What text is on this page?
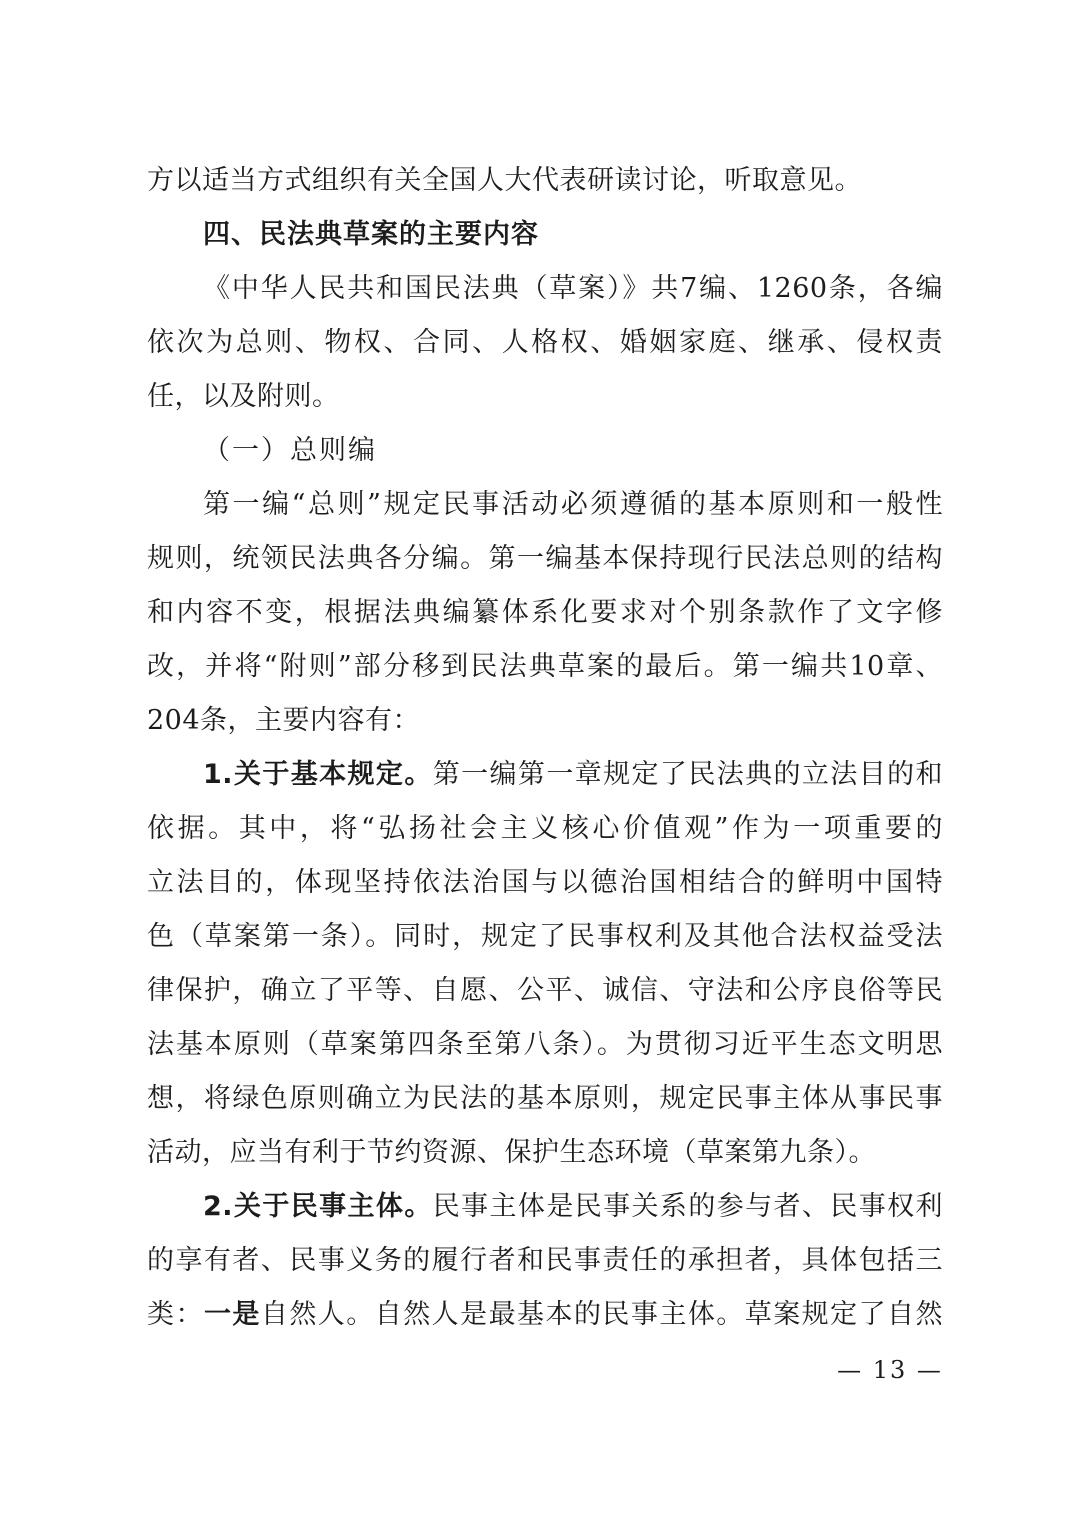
方以适当方式组织有关全国人大代表研读讨论，听取意见。
四、民法典草案的主要内容
《中华人民共和国民法典（草案）》共7编、1260条，各编
依次为总则、物权、合同、人格权、婚姻家庭、继承、侵权责
任，以及附则。
（一）总则编
第一编“总则”规定民事活动必须遵循的基本原则和一般性
规则，统领民法典各分编。第一编基本保持现行民法总则的结构
和内容不变，根据法典编纂体系化要求对个别条款作了文字修
改，并将“附则”部分移到民法典草案的最后。第一编共10章、
204条，主要内容有：
1.关于基本规定。第一编第一章规定了民法典的立法目的和
依据。其中，将“弘扬社会主义核心价值观”作为一项重要的
立法目的，体现坚持依法治国与以德治国相结合的鲜明中国特
色（草案第一条）。同时，规定了民事权利及其他合法权益受法
律保护，确立了平等、自愿、公平、诚信、守法和公序良俗等民
法基本原则（草案第四条至第八条）。为贯彻习近平生态文明思
想，将绿色原则确立为民法的基本原则，规定民事主体从事民事
活动，应当有利于节约资源、保护生态环境（草案第九条）。
2.关于民事主体。民事主体是民事关系的参与者、民事权利
的享有者、民事义务的履行者和民事责任的承担者，具体包括三
类：一是自然人。自然人是最基本的民事主体。草案规定了自然
— 13 —
